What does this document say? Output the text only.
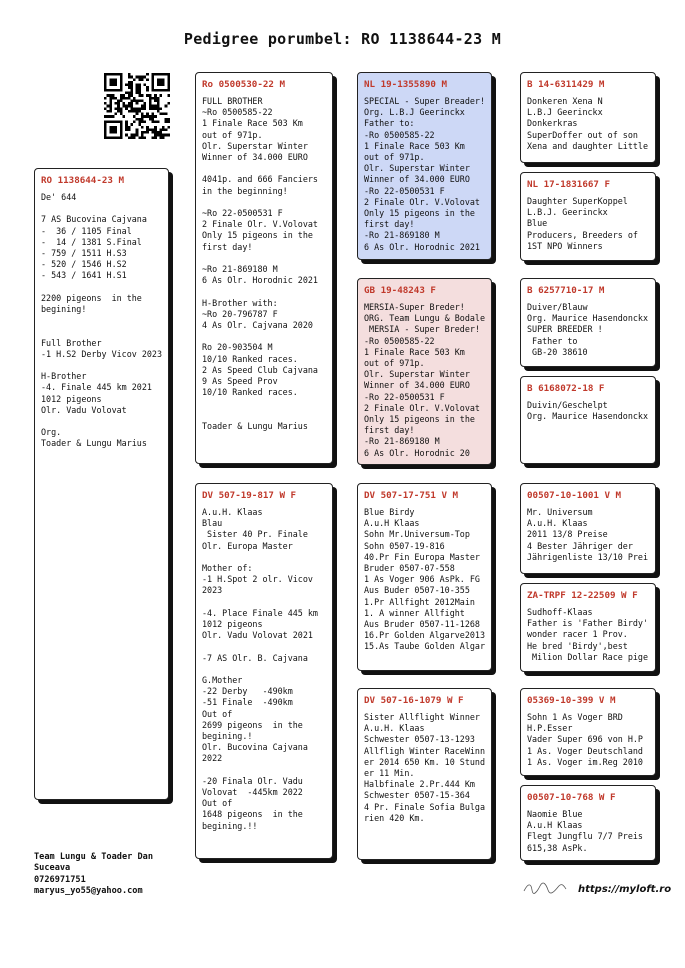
Pedigree porumbel: RO 1138644-23 M
RO 1138644-23 M
De' 644
7 AS Bucovina Cajvana
-  36 / 1105 Final
-  14 / 1381 S.Final
- 759 / 1511 H.S3
- 520 / 1546 H.S2
- 543 / 1641 H.S1
2200 pigeons  in the
begining!
Full Brother
-1 H.S2 Derby Vicov 2023
H-Brother
-4. Finale 445 km 2021
1012 pigeons
Olr. Vadu Volovat
Org.
Toader & Lungu Marius
Ro 0500530-22 M
FULL BROTHER
~Ro 0500585-22
1 Finale Race 503 Km
out of 971p.
Olr. Superstar Winter
Winner of 34.000 EURO
4041p. and 666 Fanciers
in the beginning!
~Ro 22-0500531 F
2 Finale Olr. V.Volovat
Only 15 pigeons in the
first day!
~Ro 21-869180 M
6 As Olr. Horodnic 2021
H-Brother with:
~Ro 20-796787 F
4 As Olr. Cajvana 2020
Ro 20-903504 M
10/10 Ranked races.
2 As Speed Club Cajvana
9 As Speed Prov
10/10 Ranked races.
Toader & Lungu Marius
DV 507-19-817 W F
A.u.H. Klaas
Blau
Sister 40 Pr. Finale
Olr. Europa Master
Mother of:
-1 H.Spot 2 olr. Vicov
2023
-4. Place Finale 445 km
1012 pigeons
Olr. Vadu Volovat 2021
-7 AS Olr. B. Cajvana
G.Mother
-22 Derby   -490km
-51 Finale  -490km
Out of
2699 pigeons  in the
begining.!
Olr. Bucovina Cajvana
2022
-20 Finala Olr. Vadu
Volovat  -445km 2022
Out of
1648 pigeons  in the
begining.!!
NL 19-1355890 M
SPECIAL - Super Breader!
Org. L.B.J Geerinckx
Father to:
-Ro 0500585-22
1 Finale Race 503 Km
out of 971p.
Olr. Superstar Winter
Winner of 34.000 EURO
-Ro 22-0500531 F
2 Finale Olr. V.Volovat
Only 15 pigeons in the
first day!
-Ro 21-869180 M
6 As Olr. Horodnic 2021
GB 19-48243 F
MERSIA-Super Breder!
ORG. Team Lungu & Bodale
MERSIA - Super Breder!
-Ro 0500585-22
1 Finale Race 503 Km
out of 971p.
Olr. Superstar Winter
Winner of 34.000 EURO
-Ro 22-0500531 F
2 Finale Olr. V.Volovat
Only 15 pigeons in the
first day!
-Ro 21-869180 M
6 As Olr. Horodnic 20
DV 507-17-751 V M
Blue Birdy
A.u.H Klaas
Sohn Mr.Universum-Top
Sohn 0507-19-816
40.Pr Fin Europa Master
Bruder 0507-07-558
1 As Voger 906 AsPk. FG
Aus Buder 0507-10-355
1.Pr Allfight 2012Main
1. A winner Allfight
Aus Bruder 0507-11-1268
16.Pr Golden Algarve2013
15.As Taube Golden Algar
DV 507-16-1079 W F
Sister Allflight Winner
A.u.H. Klaas
Schwester 0507-13-1293
Allfligh Winter RaceWinn
er 2014 650 Km. 10 Stund
er 11 Min.
Halbfinale 2.Pr.444 Km
Schwester 0507-15-364
4 Pr. Finale Sofia Bulga
rien 420 Km.
B 14-6311429 M
Donkeren Xena N
L.B.J Geerinckx
Donkerkras
SuperDoffer out of son
Xena and daughter Little
NL 17-1831667 F
Daughter SuperKoppel
L.B.J. Geerinckx
Blue
Producers, Breeders of
1ST NPO Winners
B 6257710-17 M
Duiver/Blauw
Org. Maurice Hasendonckx
SUPER BREEDER !
Father to
GB-20 38610
B 6168072-18 F
Duivin/Geschelpt
Org. Maurice Hasendonckx
00507-10-1001 V M
Mr. Universum
A.u.H. Klaas
2011 13/8 Preise
4 Bester Jähriger der
Jährigenliste 13/10 Prei
ZA-TRPF 12-22509 W F
Sudhoff-Klaas
Father is 'Father Birdy'
wonder racer 1 Prov.
He bred 'Birdy',best
Milion Dollar Race pige
05369-10-399 V M
Sohn 1 As Voger BRD
H.P.Esser
Vader Super 696 von H.P
1 As. Voger Deutschland
1 As. Voger im.Reg 2010
00507-10-768 W F
Naomie Blue
A.u.H Klaas
Flegt Jungflu 7/7 Preis
615,38 AsPk.
Team Lungu & Toader Dan
Suceava
0726971751
maryus_yo55@yahoo.com	https://myloft.ro
